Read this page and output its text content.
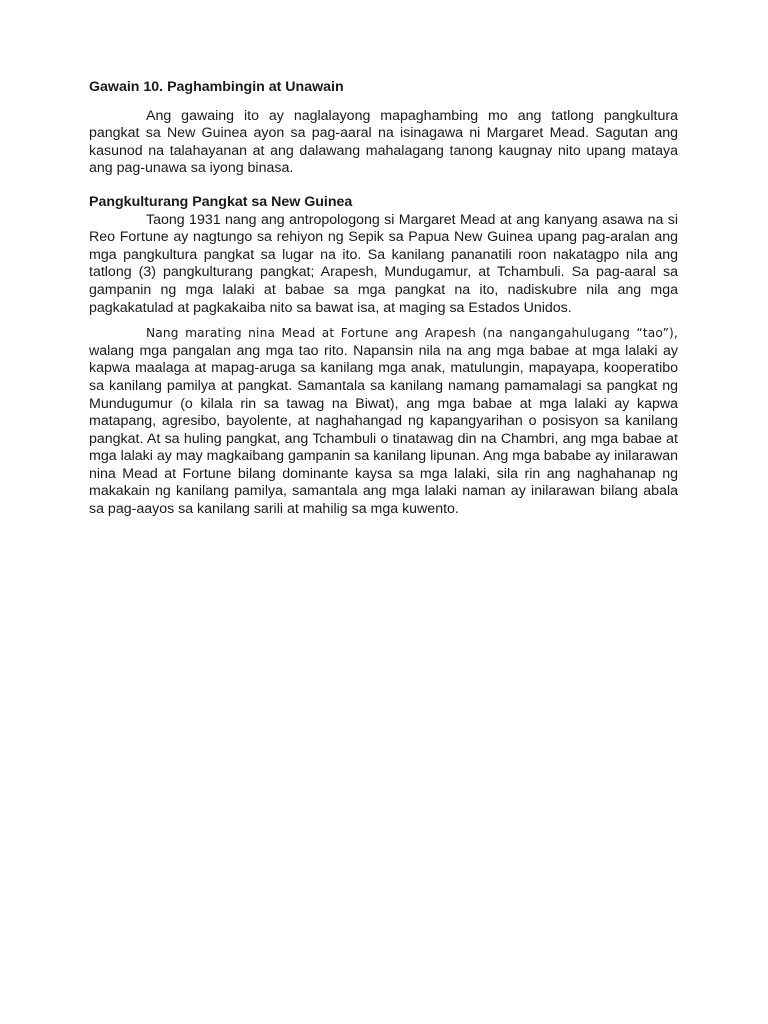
Gawain 10. Paghambingin at Unawain

Ang gawaing ito ay naglalayong mapaghambing mo ang tatlong pangkultura pangkat sa New Guinea ayon sa pag-aaral na isinagawa ni Margaret Mead. Sagutan ang kasunod na talahayanan at ang dalawang mahalagang tanong kaugnay nito upang mataya ang pag-unawa sa iyong binasa.

Pangkulturang Pangkat sa New Guinea

Taong 1931 nang ang antropologong si Margaret Mead at ang kanyang asawa na si Reo Fortune ay nagtungo sa rehiyon ng Sepik sa Papua New Guinea upang pag-aralan ang mga pangkultura pangkat sa lugar na ito. Sa kanilang pananatili roon nakatagpo nila ang tatlong (3) pangkulturang pangkat; Arapesh, Mundugamur, at Tchambuli. Sa pag-aaral sa gampanin ng mga lalaki at babae sa mga pangkat na ito, nadiskubre nila ang mga pagkakatulad at pagkakaiba nito sa bawat isa, at maging sa Estados Unidos.

Nang marating nina Mead at Fortune ang Arapesh (na nangangahulugang “tao”), walang mga pangalan ang mga tao rito. Napansin nila na ang mga babae at mga lalaki ay kapwa maalaga at mapag-aruga sa kanilang mga anak, matulungin, mapayapa, kooperatibo sa kanilang pamilya at pangkat. Samantala sa kanilang namang pamamalagi sa pangkat ng Mundugumur (o kilala rin sa tawag na Biwat), ang mga babae at mga lalaki ay kapwa matapang, agresibo, bayolente, at naghahangad ng kapangyarihan o posisyon sa kanilang pangkat. At sa huling pangkat, ang Tchambuli o tinatawag din na Chambri, ang mga babae at mga lalaki ay may magkaibang gampanin sa kanilang lipunan. Ang mga bababe ay inilarawan nina Mead at Fortune bilang dominante kaysa sa mga lalaki, sila rin ang naghahanap ng makakain ng kanilang pamilya, samantala ang mga lalaki naman ay inilarawan bilang abala sa pag-aayos sa kanilang sarili at mahilig sa mga kuwento.
